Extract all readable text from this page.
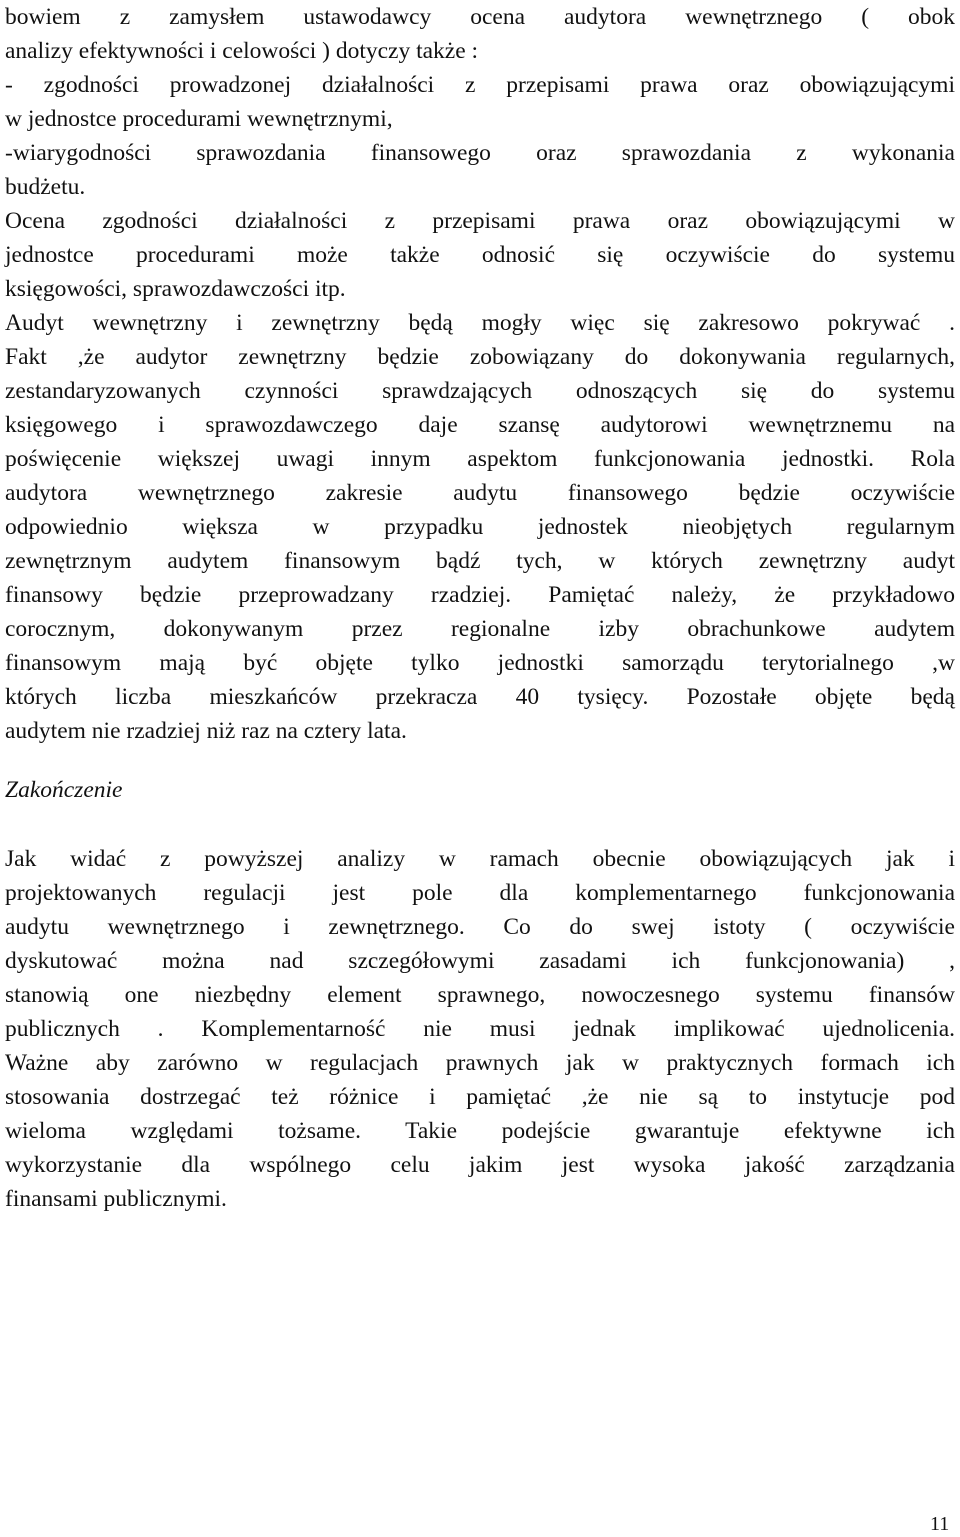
bowiem z zamysłem ustawodawcy ocena audytora wewnętrznego ( obok
analizy efektywności i celowości ) dotyczy także :
- zgodności prowadzonej działalności z przepisami prawa oraz obowiązującymi
w jednostce procedurami wewnętrznymi,
-wiarygodności sprawozdania finansowego oraz sprawozdania z wykonania
budżetu.
Ocena zgodności działalności z przepisami prawa oraz obowiązującymi w
jednostce procedurami może także odnosić się oczywiście do systemu
księgowości, sprawozdawczości itp.
Audyt wewnętrzny i zewnętrzny będą mogły więc się zakresowo pokrywać .
Fakt ,że audytor zewnętrzny będzie zobowiązany do dokonywania regularnych,
zestandaryzowanych czynności sprawdzających odnoszących się do systemu
księgowego i sprawozdawczego daje szansę audytorowi wewnętrznemu na
poświęcenie większej uwagi innym aspektom funkcjonowania jednostki. Rola
audytora wewnętrznego zakresie audytu finansowego będzie oczywiście
odpowiednio większa w przypadku jednostek nieobjętych regularnym
zewnętrznym audytem finansowym bądź tych, w których zewnętrzny audyt
finansowy będzie przeprowadzany rzadziej. Pamiętać należy, że przykładowo
corocznym, dokonywanym przez regionalne izby obrachunkowe audytem
finansowym mają być objęte tylko jednostki samorządu terytorialnego ,w
których liczba mieszkańców przekracza 40 tysięcy. Pozostałe objęte będą
audytem nie rzadziej niż raz na cztery lata.
Zakończenie
Jak widać z powyższej analizy w ramach obecnie obowiązujących jak i
projektowanych regulacji jest pole dla komplementarnego funkcjonowania
audytu wewnętrznego i zewnętrznego. Co do swej istoty ( oczywiście
dyskutować można nad szczegółowymi zasadami ich funkcjonowania) ,
stanowią one niezbędny element sprawnego, nowoczesnego systemu finansów
publicznych . Komplementarność nie musi jednak implikować ujednolicenia.
Ważne aby zarówno w regulacjach prawnych jak w praktycznych formach ich
stosowania dostrzegać też różnice i pamiętać ,że nie są to instytucje pod
wieloma względami tożsame. Takie podejście gwarantuje efektywne ich
wykorzystanie dla wspólnego celu jakim jest wysoka jakość zarządzania
finansami publicznymi.
11
